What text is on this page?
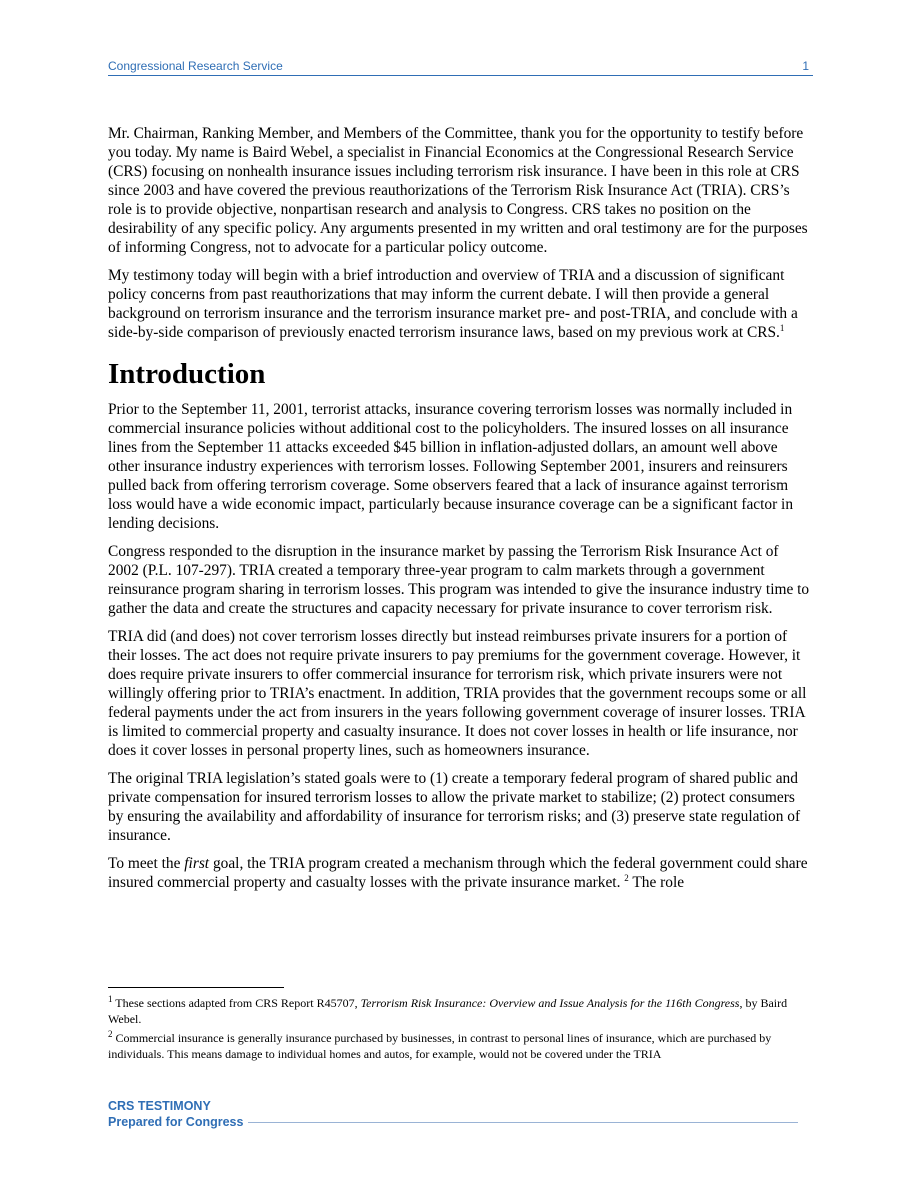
Congressional Research Service	1

Mr. Chairman, Ranking Member, and Members of the Committee, thank you for the opportunity to testify before you today. My name is Baird Webel, a specialist in Financial Economics at the Congressional Research Service (CRS) focusing on nonhealth insurance issues including terrorism risk insurance. I have been in this role at CRS since 2003 and have covered the previous reauthorizations of the Terrorism Risk Insurance Act (TRIA). CRS’s role is to provide objective, nonpartisan research and analysis to Congress. CRS takes no position on the desirability of any specific policy. Any arguments presented in my written and oral testimony are for the purposes of informing Congress, not to advocate for a particular policy outcome.

My testimony today will begin with a brief introduction and overview of TRIA and a discussion of significant policy concerns from past reauthorizations that may inform the current debate. I will then provide a general background on terrorism insurance and the terrorism insurance market pre- and post-TRIA, and conclude with a side-by-side comparison of previously enacted terrorism insurance laws, based on my previous work at CRS.$^1$

Introduction

Prior to the September 11, 2001, terrorist attacks, insurance covering terrorism losses was normally included in commercial insurance policies without additional cost to the policyholders. The insured losses on all insurance lines from the September 11 attacks exceeded $45 billion in inflation-adjusted dollars, an amount well above other insurance industry experiences with terrorism losses. Following September 2001, insurers and reinsurers pulled back from offering terrorism coverage. Some observers feared that a lack of insurance against terrorism loss would have a wide economic impact, particularly because insurance coverage can be a significant factor in lending decisions.

Congress responded to the disruption in the insurance market by passing the Terrorism Risk Insurance Act of 2002 (P.L. 107-297). TRIA created a temporary three-year program to calm markets through a government reinsurance program sharing in terrorism losses. This program was intended to give the insurance industry time to gather the data and create the structures and capacity necessary for private insurance to cover terrorism risk.

TRIA did (and does) not cover terrorism losses directly but instead reimburses private insurers for a portion of their losses. The act does not require private insurers to pay premiums for the government coverage. However, it does require private insurers to offer commercial insurance for terrorism risk, which private insurers were not willingly offering prior to TRIA’s enactment. In addition, TRIA provides that the government recoups some or all federal payments under the act from insurers in the years following government coverage of insurer losses. TRIA is limited to commercial property and casualty insurance. It does not cover losses in health or life insurance, nor does it cover losses in personal property lines, such as homeowners insurance.

The original TRIA legislation’s stated goals were to (1) create a temporary federal program of shared public and private compensation for insured terrorism losses to allow the private market to stabilize; (2) protect consumers by ensuring the availability and affordability of insurance for terrorism risks; and (3) preserve state regulation of insurance.

To meet the first goal, the TRIA program created a mechanism through which the federal government could share insured commercial property and casualty losses with the private insurance market. $^2$ The role

$^1$ These sections adapted from CRS Report R45707, Terrorism Risk Insurance: Overview and Issue Analysis for the 116th Congress, by Baird Webel.

$^2$ Commercial insurance is generally insurance purchased by businesses, in contrast to personal lines of insurance, which are purchased by individuals. This means damage to individual homes and autos, for example, would not be covered under the TRIA

CRS TESTIMONY
Prepared for Congress
